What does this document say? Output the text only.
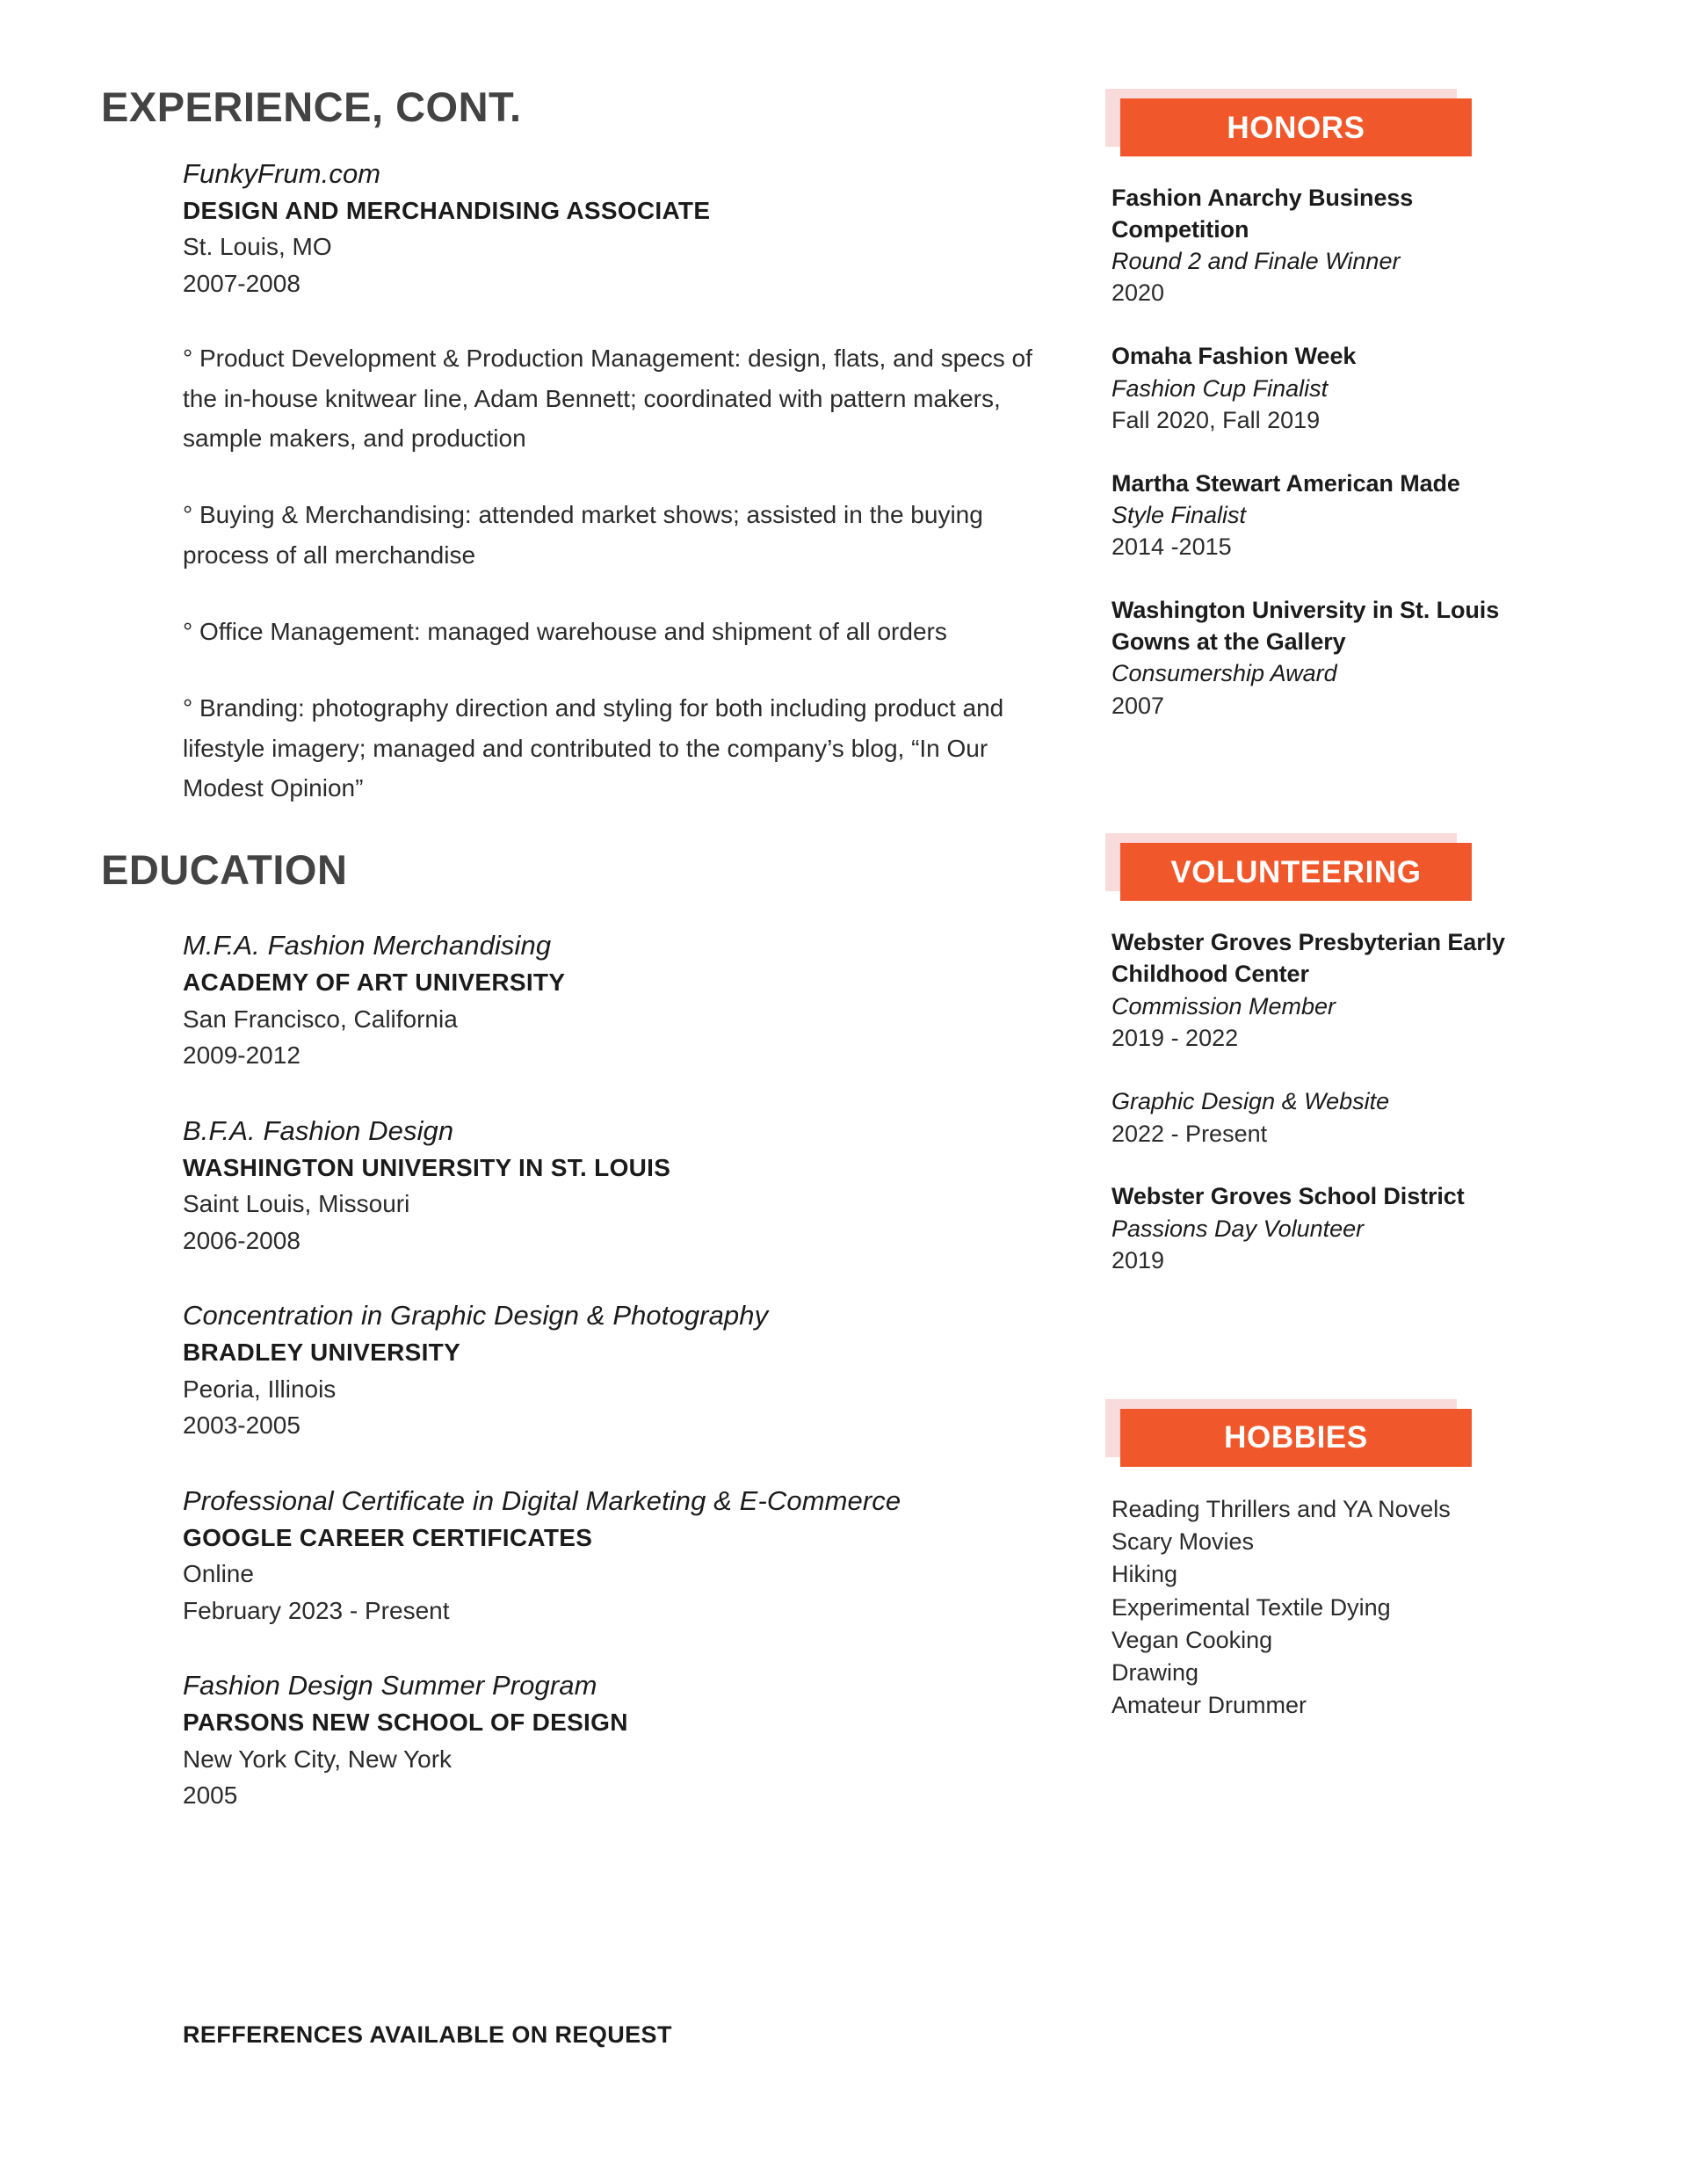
EXPERIENCE, CONT.
FunkyFrum.com
DESIGN AND MERCHANDISING ASSOCIATE
St. Louis, MO
2007-2008
° Product Development & Production Management: design, flats, and specs of the in-house knitwear line, Adam Bennett; coordinated with pattern makers, sample makers, and production
° Buying & Merchandising: attended market shows; assisted in the buying process of all merchandise
° Office Management: managed warehouse and shipment of all orders
° Branding: photography direction and styling for both including product and lifestyle imagery; managed and contributed to the company’s blog, “In Our Modest Opinion”
EDUCATION
M.F.A. Fashion Merchandising
ACADEMY OF ART UNIVERSITY
San Francisco, California
2009-2012
B.F.A. Fashion Design
WASHINGTON UNIVERSITY IN ST. LOUIS
Saint Louis, Missouri
2006-2008
Concentration in Graphic Design & Photography
BRADLEY UNIVERSITY
Peoria, Illinois
2003-2005
Professional Certificate in Digital Marketing & E-Commerce
GOOGLE CAREER CERTIFICATES
Online
February 2023 - Present
Fashion Design Summer Program
PARSONS NEW SCHOOL OF DESIGN
New York City, New York
2005
REFFERENCES AVAILABLE ON REQUEST
HONORS
Fashion Anarchy Business Competition
Round 2 and Finale Winner
2020
Omaha Fashion Week
Fashion Cup Finalist
Fall 2020, Fall 2019
Martha Stewart American Made
Style Finalist
2014 -2015
Washington University in St. Louis Gowns at the Gallery
Consumership Award
2007
VOLUNTEERING
Webster Groves Presbyterian Early Childhood Center
Commission Member
2019 - 2022
Graphic Design & Website
2022 - Present
Webster Groves School District
Passions Day Volunteer
2019
HOBBIES
Reading Thrillers and YA Novels
Scary Movies
Hiking
Experimental Textile Dying
Vegan Cooking
Drawing
Amateur Drummer
